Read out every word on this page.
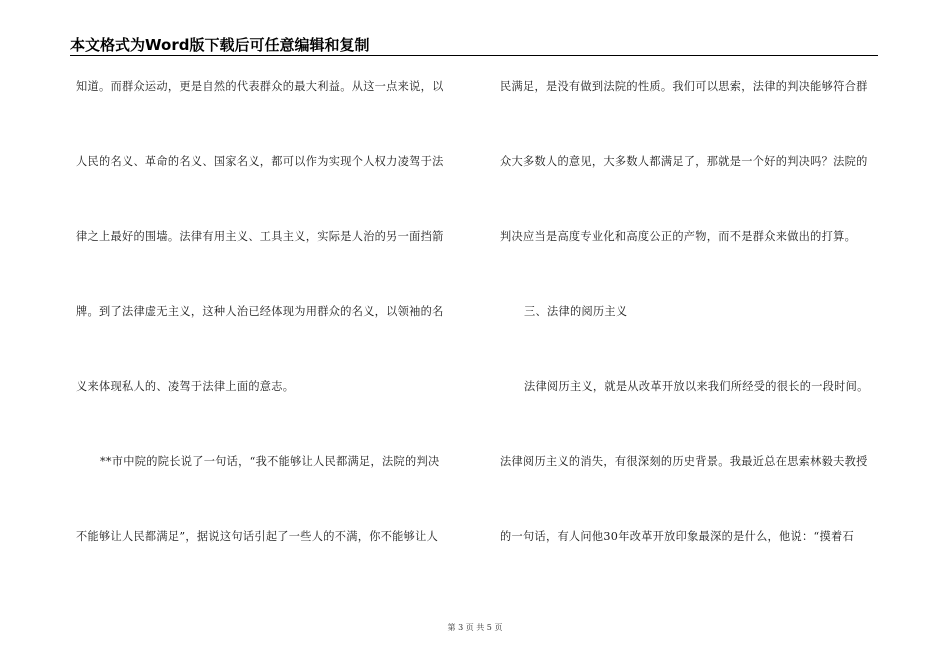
本文格式为Word版下载后可任意编辑和复制
知道。而群众运动，更是自然的代表群众的最大利益。从这一点来说，以
人民的名义、革命的名义、国家名义，都可以作为实现个人权力凌驾于法
律之上最好的围墙。法律有用主义、工具主义，实际是人治的另一面挡箭
牌。到了法律虚无主义，这种人治已经体现为用群众的名义，以领袖的名
义来体现私人的、凌驾于法律上面的意志。
**市中院的院长说了一句话，“我不能够让人民都满足，法院的判决
不能够让人民都满足”，据说这句话引起了一些人的不满，你不能够让人
民满足，是没有做到法院的性质。我们可以思索，法律的判决能够符合群
众大多数人的意见，大多数人都满足了，那就是一个好的判决吗？法院的
判决应当是高度专业化和高度公正的产物，而不是群众来做出的打算。
三、法律的阅历主义
法律阅历主义，就是从改革开放以来我们所经受的很长的一段时间。
法律阅历主义的消失，有很深刻的历史背景。我最近总在思索林毅夫教授
的一句话，有人问他30年改革开放印象最深的是什么，他说：“摸着石
第 3 页 共 5 页
